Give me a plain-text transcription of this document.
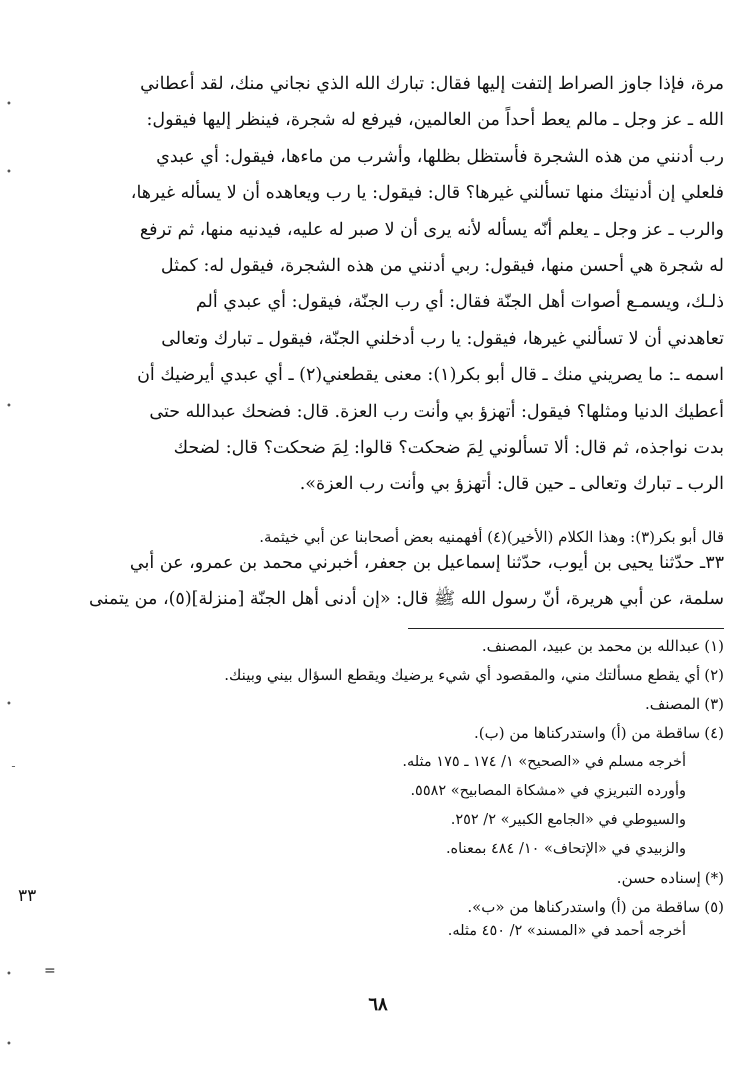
مرة، فإذا جاوز الصراط إلتفت إليها فقال: تبارك الله الذي نجاني منك، لقد أعطاني

الله ـ عز وجل ـ مالم يعط أحداً من العالمين، فيرفع له شجرة، فينظر إليها فيقول:

رب أدنني من هذه الشجرة فأستظل بظلها، وأشرب من ماءها، فيقول: أي عبدي

فلعلي إن أدنيتك منها تسألني غيرها؟ قال: فيقول: يا رب ويعاهده أن لا يسأله غيرها،

والرب ـ عز وجل ـ يعلم أنّه يسأله لأنه يرى أن لا صبر له عليه، فيدنيه منها، ثم ترفع

له شجرة هي أحسن منها، فيقول: ربي أدنني من هذه الشجرة، فيقول له: كمثل

ذلـك، ويسمـع أصوات أهل الجنّة فقال: أي رب الجنّة، فيقول: أي عبدي ألم

تعاهدني أن لا تسألني غيرها، فيقول: يا رب أدخلني الجنّة، فيقول ـ تبارك وتعالى

اسمه ـ: ما يصريني منك ـ قال أبو بكر(١): معنى يقطعني(٢) ـ أي عبدي أيرضيك أن

أعطيك الدنيا ومثلها؟ فيقول: أتهزؤ بي وأنت رب العزة. قال: فضحك عبدالله حتى

بدت نواجذه، ثم قال: ألا تسألوني لِمَ ضحكت؟ قالوا: لِمَ ضحكت؟ قال: لضحك

الرب ـ تبارك وتعالى ـ حين قال: أتهزؤ بي وأنت رب العزة».

قال أبو بكر(٣): وهذا الكلام (الأخير)(٤) أفهمنيه بعض أصحابنا عن أبي خيثمة.

٣٣ـ حدّثنا يحيى بن أيوب، حدّثنا إسماعيل بن جعفر، أخبرني محمد بن عمرو، عن أبي

سلمة، عن أبي هريرة، أنّ رسول الله ﷺ قال: «إن أدنى أهل الجنّة [منزلة](٥)، من يتمنى

(١)عبدالله بن محمد بن عبيد، المصنف.

(٢)أي يقطع مسألتك مني، والمقصود أي شيء يرضيك ويقطع السؤال بيني وبينك.

(٣)المصنف.

(٤)ساقطة من (أ) واستدركناها من (ب).

أخرجه مسلم في «الصحيح» ١/ ١٧٤ ـ ١٧٥ مثله.

وأورده التبريزي في «مشكاة المصابيح» ٥٥٨٢.

والسيوطي في «الجامع الكبير» ٢/ ٢٥٢.

والزبيدي في «الإتحاف» ١٠/ ٤٨٤ بمعناه.

(*)إسناده حسن.

(٥)ساقطة من (أ) واستدركناها من «ب».

أخرجه أحمد في «المسند» ٢/ ٤٥٠ مثله.

٣٣
٦٨
•
•
•
•
ـ
• =
•
